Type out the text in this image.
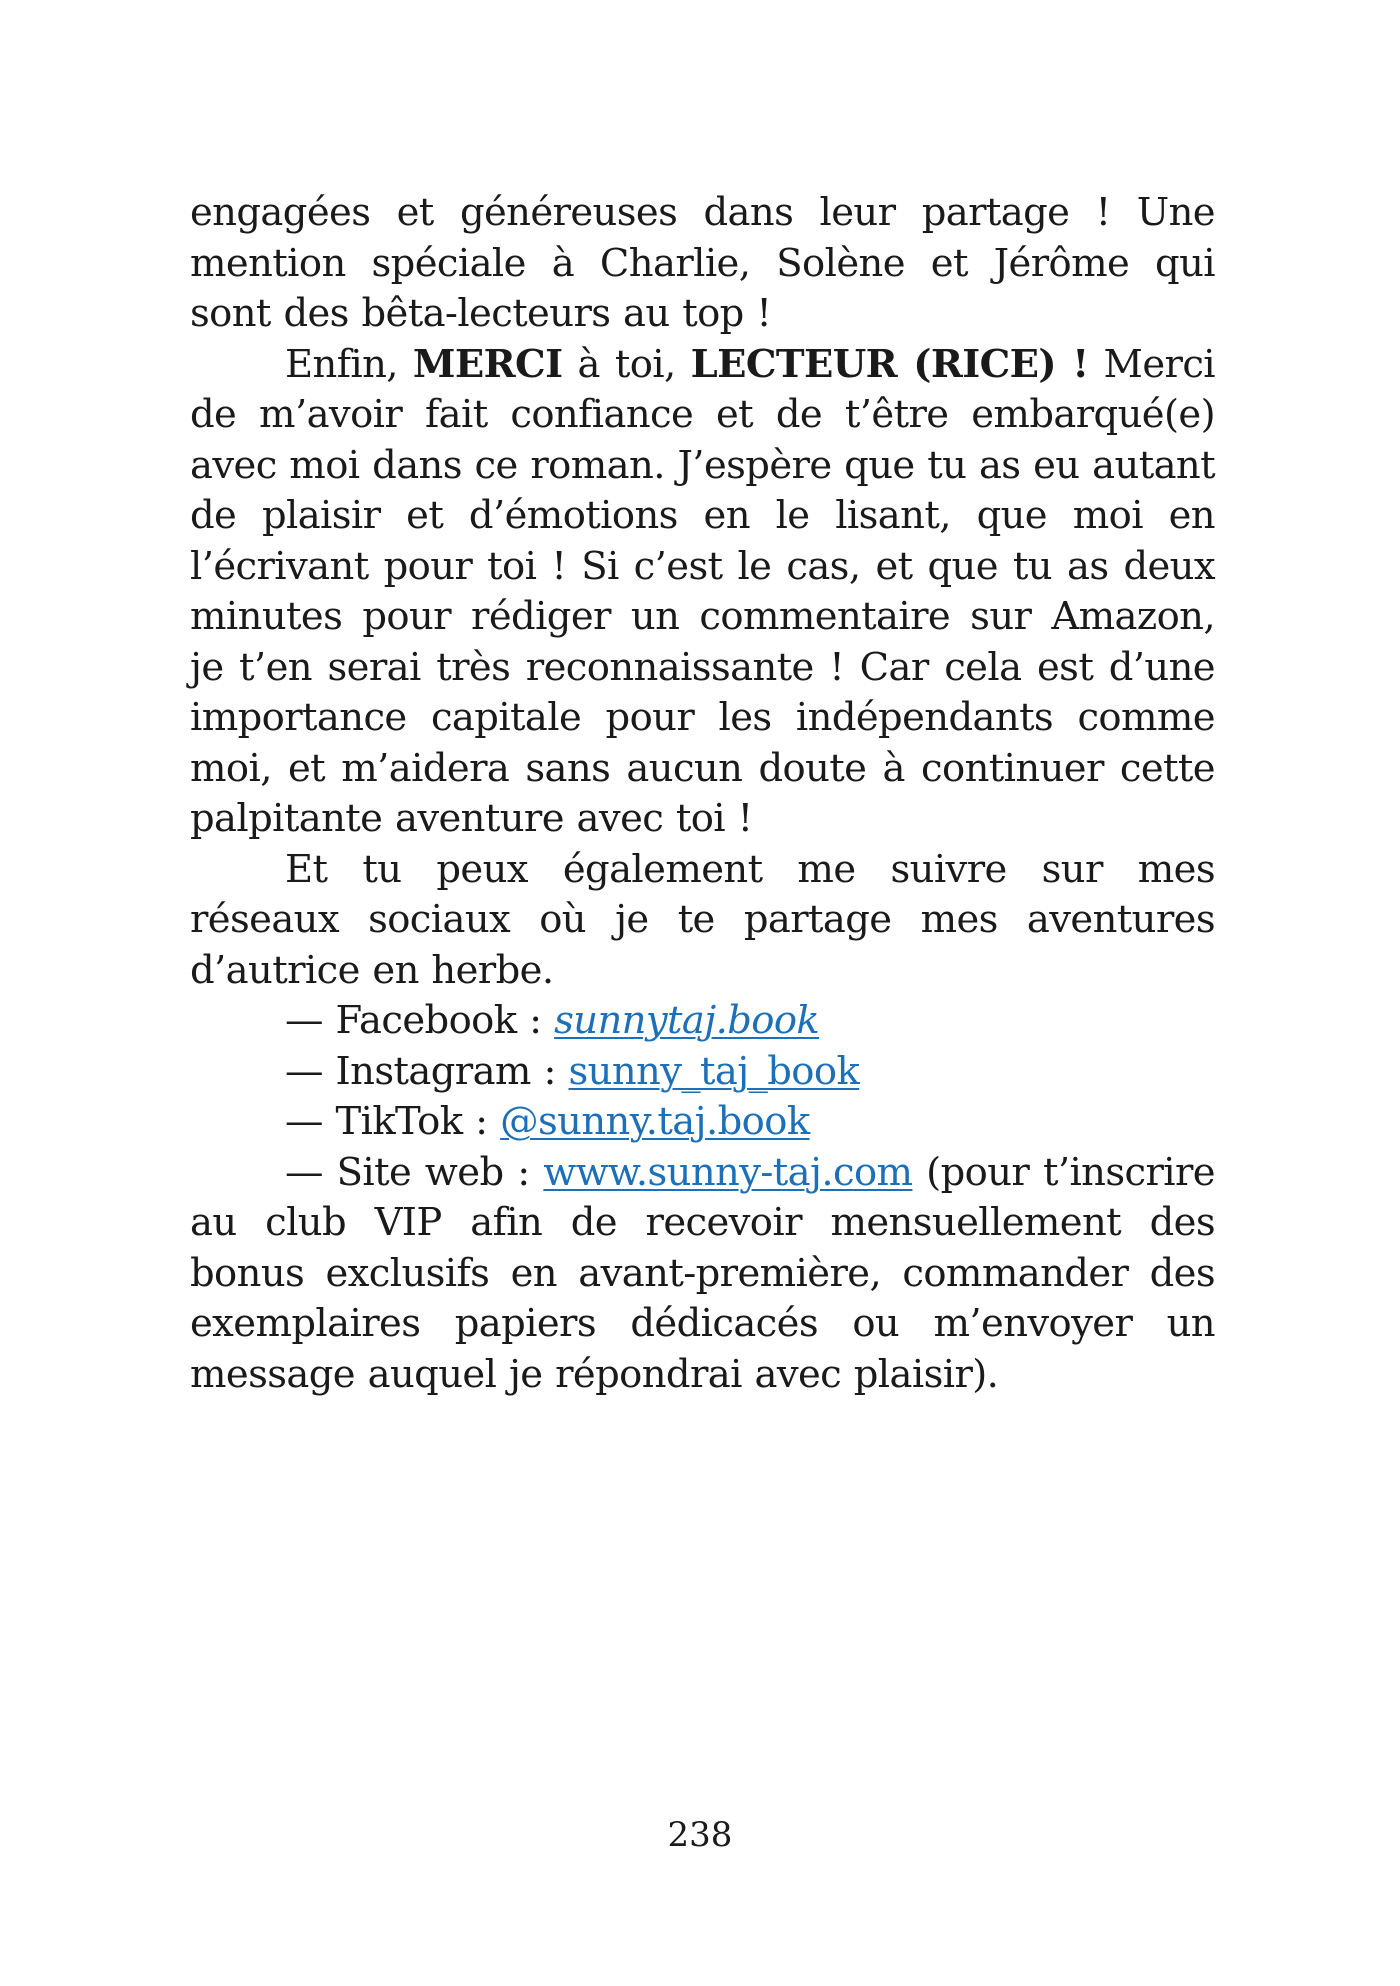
engagées et généreuses dans leur partage ! Une mention spéciale à Charlie, Solène et Jérôme qui sont des bêta-lecteurs au top !

Enfin, MERCI à toi, LECTEUR (RICE) ! Merci de m’avoir fait confiance et de t’être embarqué(e) avec moi dans ce roman. J’espère que tu as eu autant de plaisir et d’émotions en le lisant, que moi en l’écrivant pour toi ! Si c’est le cas, et que tu as deux minutes pour rédiger un commentaire sur Amazon, je t’en serai très reconnaissante ! Car cela est d’une importance capitale pour les indépendants comme moi, et m’aidera sans aucun doute à continuer cette palpitante aventure avec toi !

Et tu peux également me suivre sur mes réseaux sociaux où je te partage mes aventures d’autrice en herbe.

— Facebook : sunnytaj.book

— Instagram : sunny_taj_book

— TikTok : @sunny.taj.book

— Site web : www.sunny-taj.com (pour t’inscrire au club VIP afin de recevoir mensuellement des bonus exclusifs en avant-première, commander des exemplaires papiers dédicacés ou m’envoyer un message auquel je répondrai avec plaisir).

238
